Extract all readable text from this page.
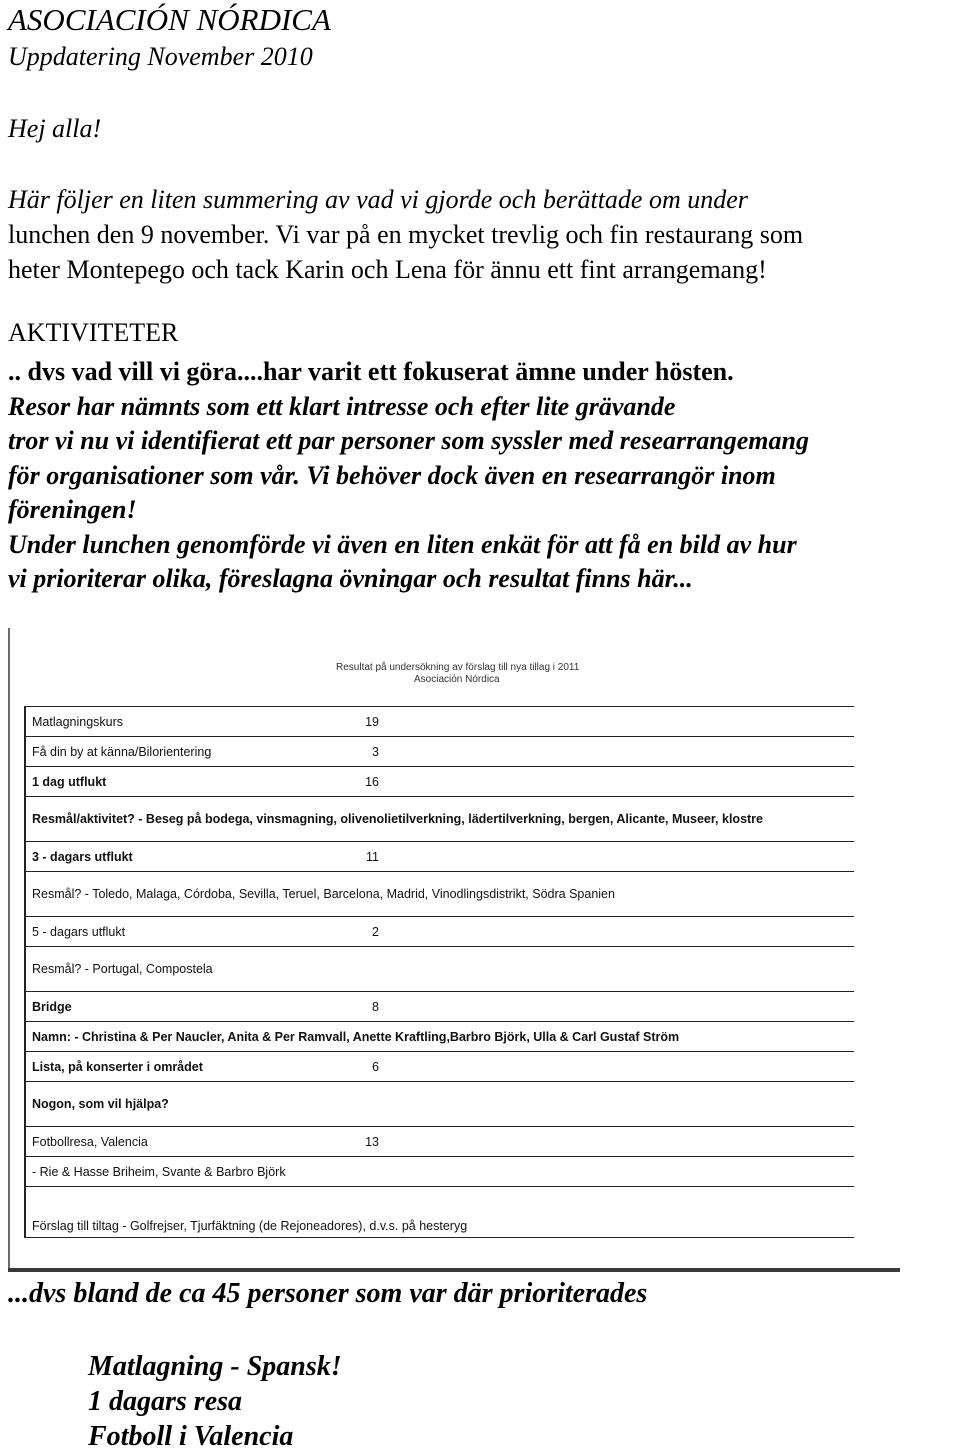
ASOCIACIÓN NÓRDICA
Uppdatering November 2010
Hej alla!
Här följer en liten summering av vad vi gjorde och berättade om under
lunchen den 9 november. Vi var på en mycket trevlig och fin restaurang som
heter Montepego och tack Karin och Lena för ännu ett fint arrangemang!
AKTIVITETER
.. dvs vad vill vi göra....har varit ett fokuserat ämne under hösten.
Resor har nämnts som ett klart intresse och efter lite grävande
tror vi nu vi identifierat ett par personer som syssler med researrangemang
för organisationer som vår. Vi behöver dock även en researrangör inom
föreningen!
Under lunchen genomförde vi även en liten enkät för att få en bild av hur
vi prioriterar olika, föreslagna övningar och resultat finns här...
Resultat på undersökning av förslag till nya tillag i 2011
Asociación Nórdica
Matlagningskurs	19
Få din by at känna/Bilorientering	3
1 dag utflukt	16
Resmål/aktivitet? - Beseg på bodega, vinsmagning, olivenolietilverkning, lädertilverkning, bergen, Alicante, Museer, klostre
3 - dagars utflukt	11
Resmål? - Toledo, Malaga, Córdoba, Sevilla, Teruel, Barcelona, Madrid, Vinodlingsdistrikt, Södra Spanien
5 - dagars utflukt	2
Resmål? - Portugal, Compostela
Bridge	8
Namn: - Christina & Per Naucler, Anita & Per Ramvall, Anette Kraftling,Barbro Björk, Ulla & Carl Gustaf Ström
Lista, på konserter i området	6
Nogon, som vil hjälpa?
Fotbollresa, Valencia	13
- Rie & Hasse Briheim, Svante & Barbro Björk
Förslag till tiltag - Golfrejser, Tjurfäktning (de Rejoneadores), d.v.s. på hesteryg
...dvs bland de ca 45 personer som var där prioriterades
Matlagning - Spansk!
1 dagars resa
Fotboll i Valencia
